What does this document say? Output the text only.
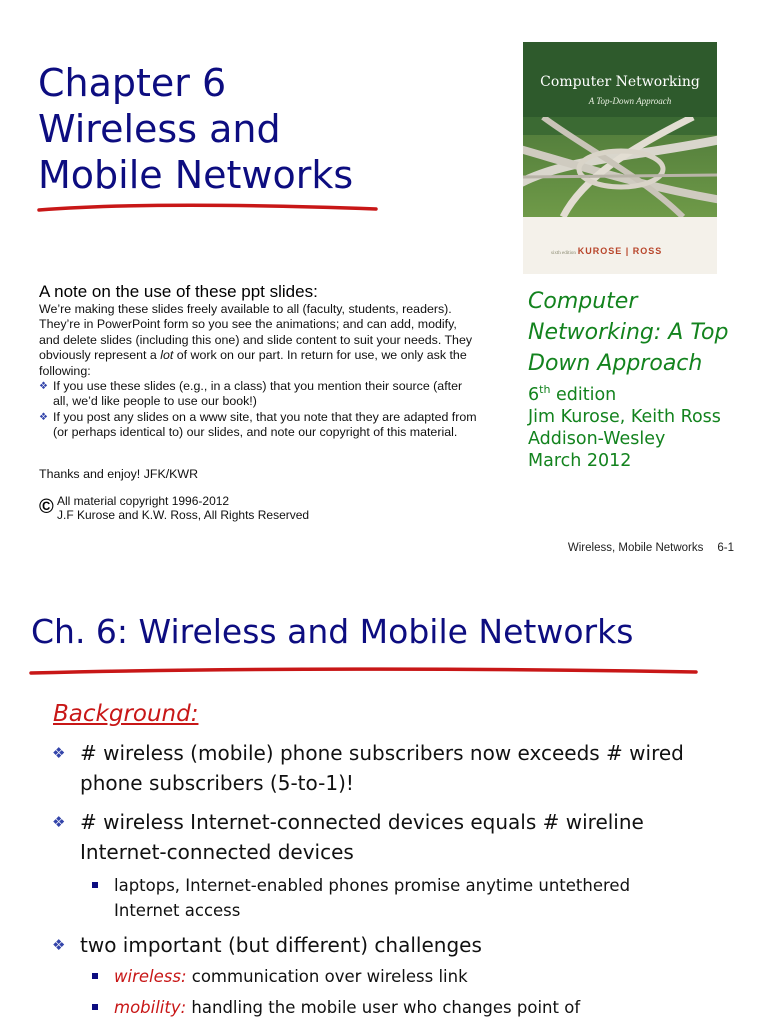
Chapter 6
Wireless and
Mobile Networks
A note on the use of these ppt slides:

We’re making these slides freely available to all (faculty, students, readers). They’re in PowerPoint form so you see the animations; and can add, modify, and delete slides (including this one) and slide content to suit your needs. They obviously represent a lot of work on our part. In return for use, we only ask the following:

❖ If you use these slides (e.g., in a class) that you mention their source (after all, we’d like people to use our book!)
❖ If you post any slides on a www site, that you note that they are adapted from (or perhaps identical to) our slides, and note our copyright of this material.
Thanks and enjoy! JFK/KWR
© All material copyright 1996-2012
J.F Kurose and K.W. Ross, All Rights Reserved
Computer Networking
A Top-Down Approach
sixth edition KUROSE | ROSS
Computer
Networking: A Top
Down Approach
6th edition
Jim Kurose, Keith Ross
Addison-Wesley
March 2012
Wireless, Mobile Networks 6-1
Ch. 6: Wireless and Mobile Networks
Background:
❖ # wireless (mobile) phone subscribers now exceeds # wired phone subscribers (5-to-1)!
❖ # wireless Internet-connected devices equals # wireline Internet-connected devices
laptops, Internet-enabled phones promise anytime untethered Internet access
❖ two important (but different) challenges
wireless: communication over wireless link
mobility: handling the mobile user who changes point of
